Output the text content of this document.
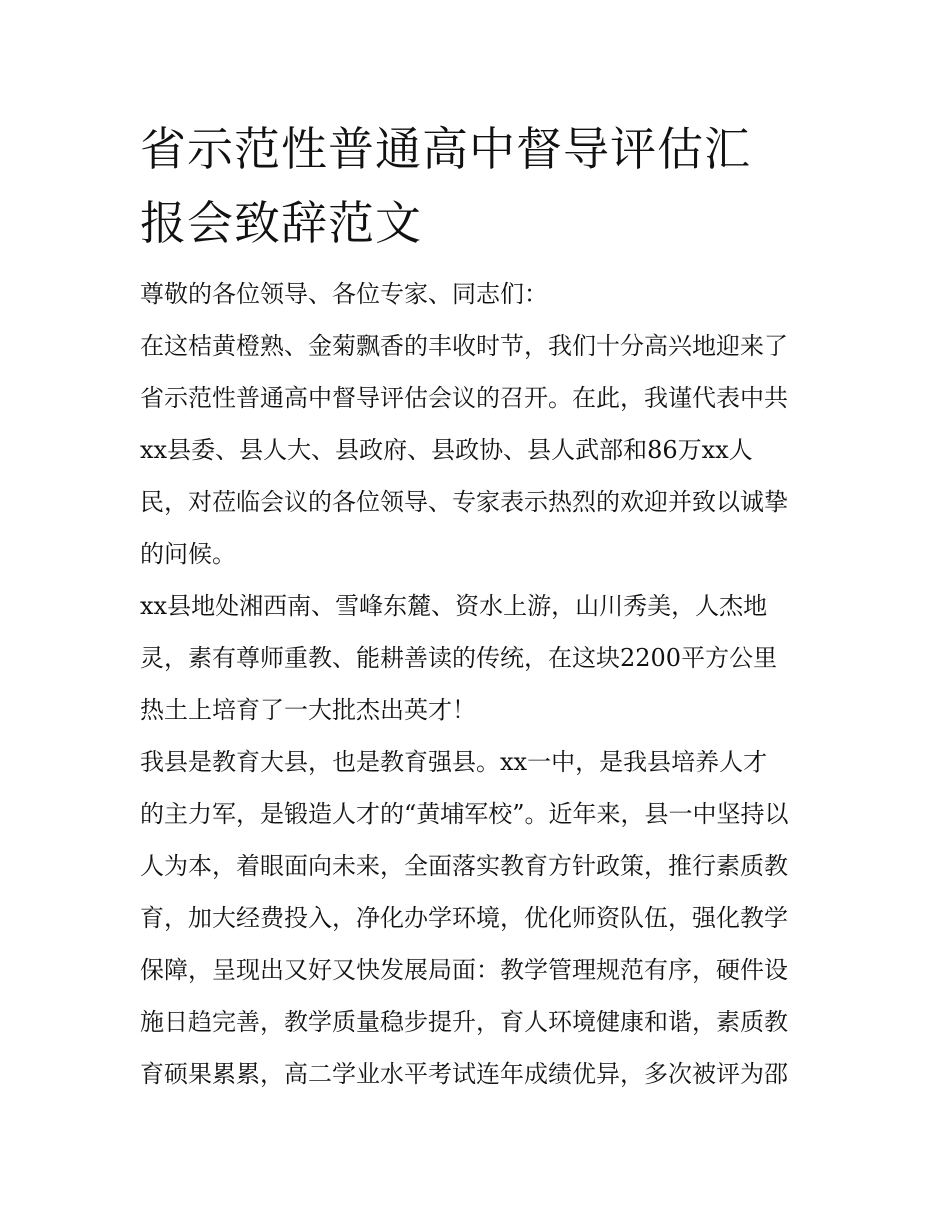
省示范性普通高中督导评估汇
报会致辞范文

尊敬的各位领导、各位专家、同志们：

在这桔黄橙熟、金菊飘香的丰收时节，我们十分高兴地迎来了
省示范性普通高中督导评估会议的召开。在此，我谨代表中共
xx县委、县人大、县政府、县政协、县人武部和86万xx人
民，对莅临会议的各位领导、专家表示热烈的欢迎并致以诚挚
的问候。

xx县地处湘西南、雪峰东麓、资水上游，山川秀美，人杰地
灵，素有尊师重教、能耕善读的传统，在这块2200平方公里
热土上培育了一大批杰出英才！

我县是教育大县，也是教育强县。xx一中，是我县培养人才
的主力军，是锻造人才的“黄埔军校”。近年来，县一中坚持以
人为本，着眼面向未来，全面落实教育方针政策，推行素质教
育，加大经费投入，净化办学环境，优化师资队伍，强化教学
保障，呈现出又好又快发展局面：教学管理规范有序，硬件设
施日趋完善，教学质量稳步提升，育人环境健康和谐，素质教
育硕果累累，高二学业水平考试连年成绩优异，多次被评为邵
